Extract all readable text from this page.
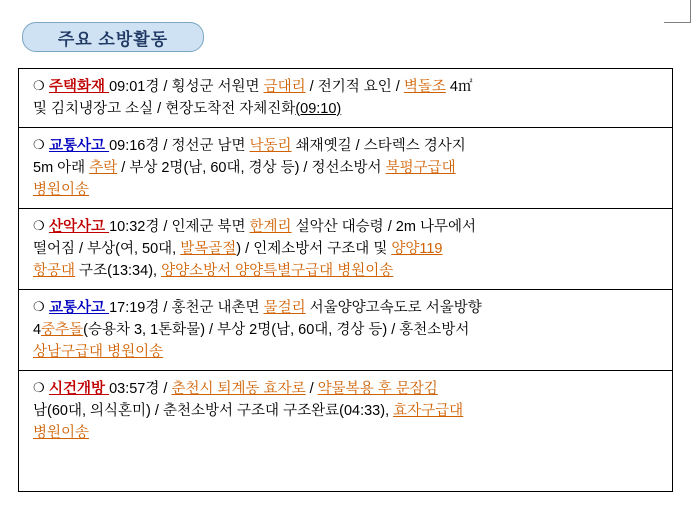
주요 소방활동
❍ 주택화재 09:01경 / 횡성군 서원면 금대리 / 전기적 요인 / 벽돌조 4㎡
및 김치냉장고 소실 / 현장도착전 자체진화(09:10)
❍ 교통사고 09:16경 / 정선군 남면 낙동리 쇄재옛길 / 스타렉스 경사지
5m 아래 추락 / 부상 2명(남, 60대, 경상 등) / 정선소방서 북평구급대
병원이송
❍ 산악사고 10:32경 / 인제군 북면 한계리 설악산 대승령 / 2m 나무에서
떨어짐 / 부상(여, 50대, 발목골절) / 인제소방서 구조대 및 양양119
항공대 구조(13:34), 양양소방서 양양특별구급대 병원이송
❍ 교통사고 17:19경 / 홍천군 내촌면 물걸리 서울양양고속도로 서울방향
4중추돌(승용차 3, 1톤화물) / 부상 2명(남, 60대, 경상 등) / 홍천소방서
상남구급대 병원이송
❍ 시건개방 03:57경 / 춘천시 퇴계동 효자로 / 약물복용 후 문잠김
남(60대, 의식혼미) / 춘천소방서 구조대 구조완료(04:33), 효자구급대
병원이송
